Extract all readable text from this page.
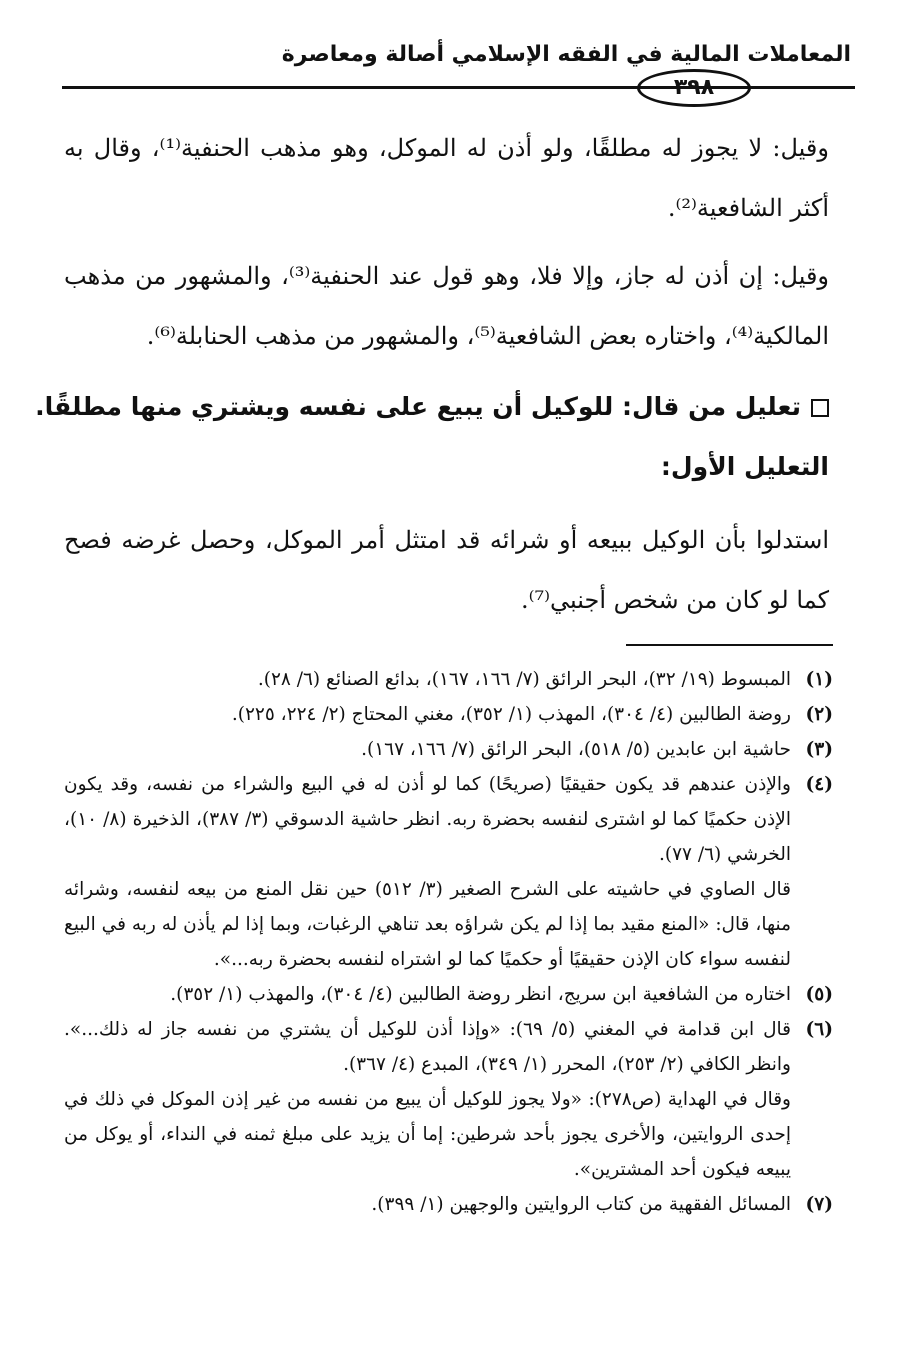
المعاملات المالية في الفقه الإسلامي أصالة ومعاصرة
٣٩٨

وقيل: لا يجوز له مطلقًا، ولو أذن له الموكل، وهو مذهب الحنفية⁽¹⁾، وقال به أكثر الشافعية⁽²⁾.

وقيل: إن أذن له جاز، وإلا فلا، وهو قول عند الحنفية⁽³⁾، والمشهور من مذهب المالكية⁽⁴⁾، واختاره بعض الشافعية⁽⁵⁾، والمشهور من مذهب الحنابلة⁽⁶⁾.

تعليل من قال: للوكيل أن يبيع على نفسه ويشتري منها مطلقًا.
التعليل الأول:

استدلوا بأن الوكيل ببيعه أو شرائه قد امتثل أمر الموكل، وحصل غرضه فصح كما لو كان من شخص أجنبي⁽⁷⁾.

(١)
المبسوط (١٩/ ٣٢)، البحر الرائق (٧/ ١٦٦، ١٦٧)، بدائع الصنائع (٦/ ٢٨).
(٢)
روضة الطالبين (٤/ ٣٠٤)، المهذب (١/ ٣٥٢)، مغني المحتاج (٢/ ٢٢٤، ٢٢٥).
(٣)
حاشية ابن عابدين (٥/ ٥١٨)، البحر الرائق (٧/ ١٦٦، ١٦٧).
(٤)
والإذن عندهم قد يكون حقيقيًا (صريحًا) كما لو أذن له في البيع والشراء من نفسه، وقد يكون الإذن حكميًا كما لو اشترى لنفسه بحضرة ربه. انظر حاشية الدسوقي (٣/ ٣٨٧)، الذخيرة (٨/ ١٠)، الخرشي (٦/ ٧٧).
قال الصاوي في حاشيته على الشرح الصغير (٣/ ٥١٢) حين نقل المنع من بيعه لنفسه، وشرائه منها، قال: «المنع مقيد بما إذا لم يكن شراؤه بعد تناهي الرغبات، وبما إذا لم يأذن له ربه في البيع لنفسه سواء كان الإذن حقيقيًا أو حكميًا كما لو اشتراه لنفسه بحضرة ربه...».
(٥)
اختاره من الشافعية ابن سريج، انظر روضة الطالبين (٤/ ٣٠٤)، والمهذب (١/ ٣٥٢).
(٦)
قال ابن قدامة في المغني (٥/ ٦٩): «وإذا أذن للوكيل أن يشتري من نفسه جاز له ذلك...». وانظر الكافي (٢/ ٢٥٣)، المحرر (١/ ٣٤٩)، المبدع (٤/ ٣٦٧).
وقال في الهداية (ص٢٧٨): «ولا يجوز للوكيل أن يبيع من نفسه من غير إذن الموكل في ذلك في إحدى الروايتين، والأخرى يجوز بأحد شرطين: إما أن يزيد على مبلغ ثمنه في النداء، أو يوكل من يبيعه فيكون أحد المشترين».
(٧)
المسائل الفقهية من كتاب الروايتين والوجهين (١/ ٣٩٩).
